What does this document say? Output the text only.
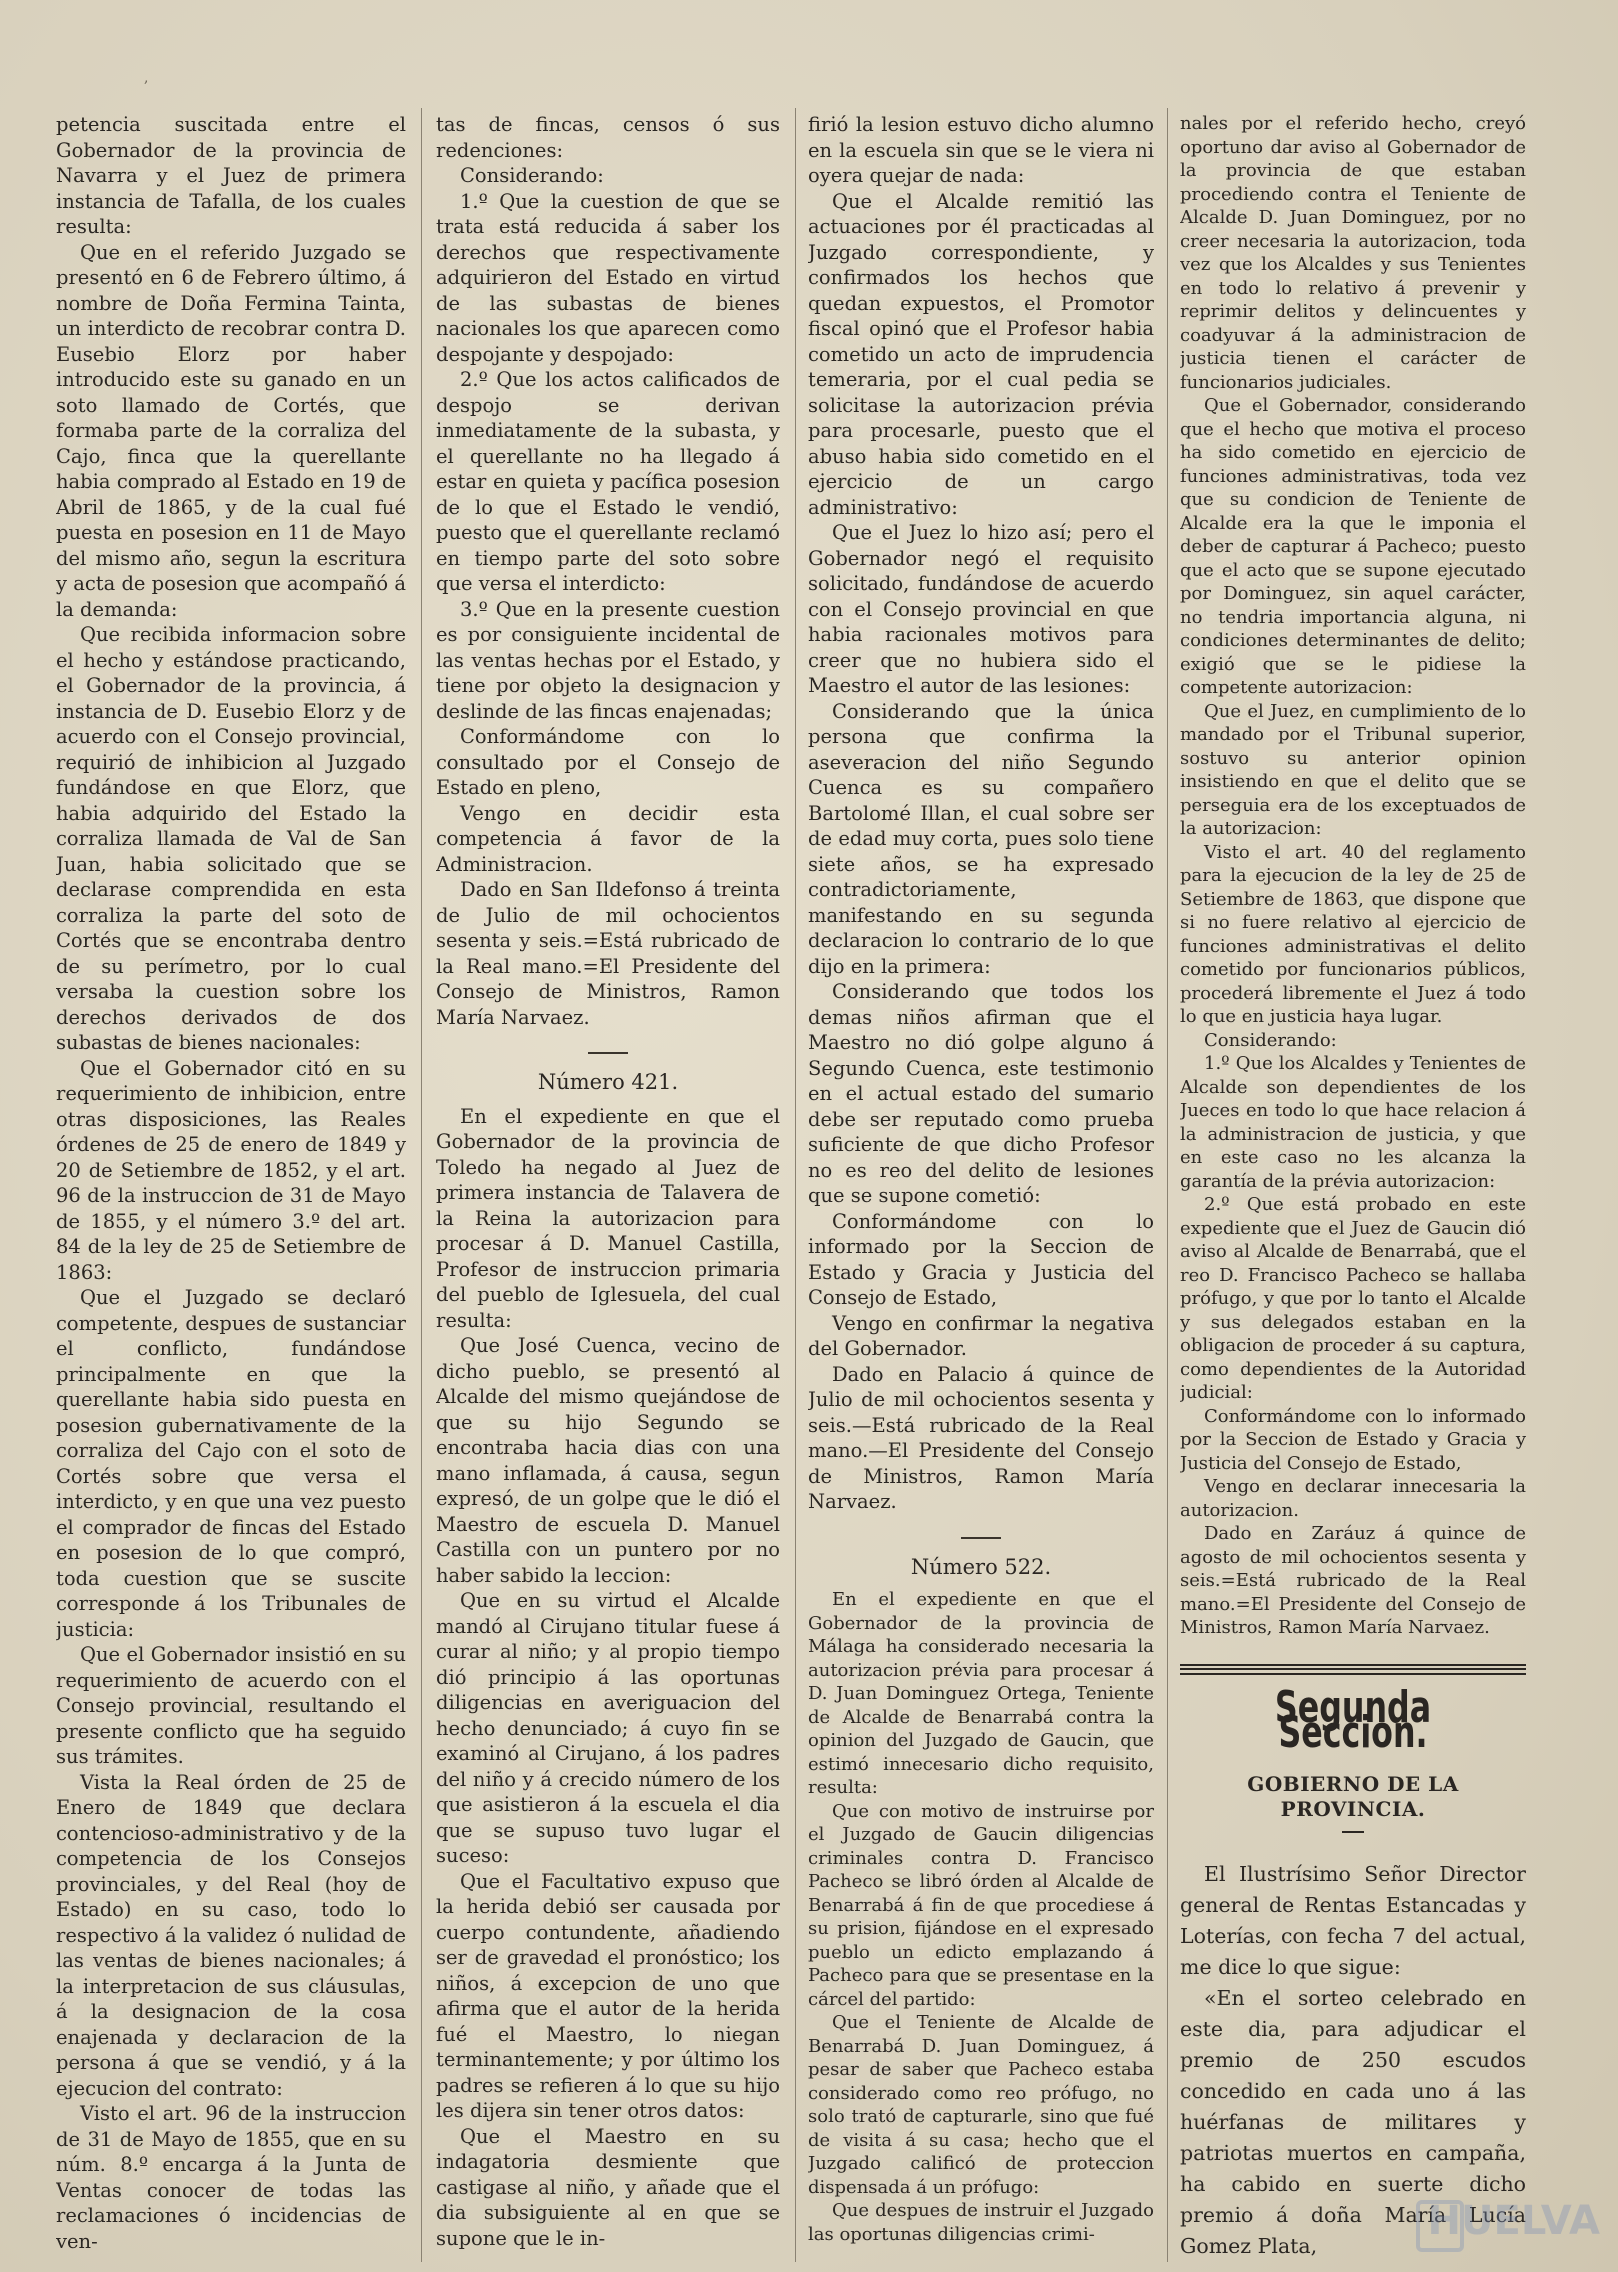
,

petencia suscitada entre el Gobernador de la provincia de Navarra y el Juez de primera instancia de Tafalla, de los cuales resulta:

Que en el referido Juzgado se presentó en 6 de Febrero último, á nombre de Doña Fermina Tainta, un interdicto de recobrar contra D. Eusebio Elorz por haber introducido este su ganado en un soto llamado de Cortés, que formaba parte de la corraliza del Cajo, finca que la querellante habia comprado al Estado en 19 de Abril de 1865, y de la cual fué puesta en posesion en 11 de Mayo del mismo año, segun la escritura y acta de posesion que acompañó á la demanda:

Que recibida informacion sobre el hecho y estándose practicando, el Gobernador de la provincia, á instancia de D. Eusebio Elorz y de acuerdo con el Consejo provincial, requirió de inhibicion al Juzgado fundándose en que Elorz, que habia adquirido del Estado la corraliza llamada de Val de San Juan, habia solicitado que se declarase comprendida en esta corraliza la parte del soto de Cortés que se encontraba dentro de su perímetro, por lo cual versaba la cuestion sobre los derechos derivados de dos subastas de bienes nacionales:

Que el Gobernador citó en su requerimiento de inhibicion, entre otras disposiciones, las Reales órdenes de 25 de enero de 1849 y 20 de Setiembre de 1852, y el art. 96 de la instruccion de 31 de Mayo de 1855, y el número 3.º del art. 84 de la ley de 25 de Setiembre de 1863:

Que el Juzgado se declaró competente, despues de sustanciar el conflicto, fundándose principalmente en que la querellante habia sido puesta en posesion gubernativamente de la corraliza del Cajo con el soto de Cortés sobre que versa el interdicto, y en que una vez puesto el comprador de fincas del Estado en posesion de lo que compró, toda cuestion que se suscite corresponde á los Tribunales de justicia:

Que el Gobernador insistió en su requerimiento de acuerdo con el Consejo provincial, resultando el presente conflicto que ha seguido sus trámites.

Vista la Real órden de 25 de Enero de 1849 que declara contencioso-administrativo y de la competencia de los Consejos provinciales, y del Real (hoy de Estado) en su caso, todo lo respectivo á la validez ó nulidad de las ventas de bienes nacionales; á la interpretacion de sus cláusulas, á la designacion de la cosa enajenada y declaracion de la persona á que se vendió, y á la ejecucion del contrato:

Visto el art. 96 de la instruccion de 31 de Mayo de 1855, que en su núm. 8.º encarga á la Junta de Ventas conocer de todas las reclamaciones ó incidencias de ven-

tas de fincas, censos ó sus redenciones:

Considerando:

1.º Que la cuestion de que se trata está reducida á saber los derechos que respectivamente adquirieron del Estado en virtud de las subastas de bienes nacionales los que aparecen como despojante y despojado:

2.º Que los actos calificados de despojo se derivan inmediatamente de la subasta, y el querellante no ha llegado á estar en quieta y pacífica posesion de lo que el Estado le vendió, puesto que el querellante reclamó en tiempo parte del soto sobre que versa el interdicto:

3.º Que en la presente cuestion es por consiguiente incidental de las ventas hechas por el Estado, y tiene por objeto la designacion y deslinde de las fincas enajenadas;

Conformándome con lo consultado por el Consejo de Estado en pleno,

Vengo en decidir esta competencia á favor de la Administracion.

Dado en San Ildefonso á treinta de Julio de mil ochocientos sesenta y seis.=Está rubricado de la Real mano.=El Presidente del Consejo de Ministros, Ramon María Narvaez.

Número 421.

En el expediente en que el Gobernador de la provincia de Toledo ha negado al Juez de primera instancia de Talavera de la Reina la autorizacion para procesar á D. Manuel Castilla, Profesor de instruccion primaria del pueblo de Iglesuela, del cual resulta:

Que José Cuenca, vecino de dicho pueblo, se presentó al Alcalde del mismo quejándose de que su hijo Segundo se encontraba hacia dias con una mano inflamada, á causa, segun expresó, de un golpe que le dió el Maestro de escuela D. Manuel Castilla con un puntero por no haber sabido la leccion:

Que en su virtud el Alcalde mandó al Cirujano titular fuese á curar al niño; y al propio tiempo dió principio á las oportunas diligencias en averiguacion del hecho denunciado; á cuyo fin se examinó al Cirujano, á los padres del niño y á crecido número de los que asistieron á la escuela el dia que se supuso tuvo lugar el suceso:

Que el Facultativo expuso que la herida debió ser causada por cuerpo contundente, añadiendo ser de gravedad el pronóstico; los niños, á excepcion de uno que afirma que el autor de la herida fué el Maestro, lo niegan terminantemente; y por último los padres se refieren á lo que su hijo les dijera sin tener otros datos:

Que el Maestro en su indagatoria desmiente que castigase al niño, y añade que el dia subsiguiente al en que se supone que le in-

firió la lesion estuvo dicho alumno en la escuela sin que se le viera ni oyera quejar de nada:

Que el Alcalde remitió las actuaciones por él practicadas al Juzgado correspondiente, y confirmados los hechos que quedan expuestos, el Promotor fiscal opinó que el Profesor habia cometido un acto de imprudencia temeraria, por el cual pedia se solicitase la autorizacion prévia para procesarle, puesto que el abuso habia sido cometido en el ejercicio de un cargo administrativo:

Que el Juez lo hizo así; pero el Gobernador negó el requisito solicitado, fundándose de acuerdo con el Consejo provincial en que habia racionales motivos para creer que no hubiera sido el Maestro el autor de las lesiones:

Considerando que la única persona que confirma la aseveracion del niño Segundo Cuenca es su compañero Bartolomé Illan, el cual sobre ser de edad muy corta, pues solo tiene siete años, se ha expresado contradictoriamente, manifestando en su segunda declaracion lo contrario de lo que dijo en la primera:

Considerando que todos los demas niños afirman que el Maestro no dió golpe alguno á Segundo Cuenca, este testimonio en el actual estado del sumario debe ser reputado como prueba suficiente de que dicho Profesor no es reo del delito de lesiones que se supone cometió:

Conformándome con lo informado por la Seccion de Estado y Gracia y Justicia del Consejo de Estado,

Vengo en confirmar la negativa del Gobernador.

Dado en Palacio á quince de Julio de mil ochocientos sesenta y seis.—Está rubricado de la Real mano.—El Presidente del Consejo de Ministros, Ramon María Narvaez.

Número 522.

En el expediente en que el Gobernador de la provincia de Málaga ha considerado necesaria la autorizacion prévia para procesar á D. Juan Dominguez Ortega, Teniente de Alcalde de Benarrabá contra la opinion del Juzgado de Gaucin, que estimó innecesario dicho requisito, resulta:

Que con motivo de instruirse por el Juzgado de Gaucin diligencias criminales contra D. Francisco Pacheco se libró órden al Alcalde de Benarrabá á fin de que procediese á su prision, fijándose en el expresado pueblo un edicto emplazando á Pacheco para que se presentase en la cárcel del partido:

Que el Teniente de Alcalde de Benarrabá D. Juan Dominguez, á pesar de saber que Pacheco estaba considerado como reo prófugo, no solo trató de capturarle, sino que fué de visita á su casa; hecho que el Juzgado calificó de proteccion dispensada á un prófugo:

Que despues de instruir el Juzgado las oportunas diligencias crimi-

nales por el referido hecho, creyó oportuno dar aviso al Gobernador de la provincia de que estaban procediendo contra el Teniente de Alcalde D. Juan Dominguez, por no creer necesaria la autorizacion, toda vez que los Alcaldes y sus Tenientes en todo lo relativo á prevenir y reprimir delitos y delincuentes y coadyuvar á la administracion de justicia tienen el carácter de funcionarios judiciales.

Que el Gobernador, considerando que el hecho que motiva el proceso ha sido cometido en ejercicio de funciones administrativas, toda vez que su condicion de Teniente de Alcalde era la que le imponia el deber de capturar á Pacheco; puesto que el acto que se supone ejecutado por Dominguez, sin aquel carácter, no tendria importancia alguna, ni condiciones determinantes de delito; exigió que se le pidiese la competente autorizacion:

Que el Juez, en cumplimiento de lo mandado por el Tribunal superior, sostuvo su anterior opinion insistiendo en que el delito que se perseguia era de los exceptuados de la autorizacion:

Visto el art. 40 del reglamento para la ejecucion de la ley de 25 de Setiembre de 1863, que dispone que si no fuere relativo al ejercicio de funciones administrativas el delito cometido por funcionarios públicos, procederá libremente el Juez á todo lo que en justicia haya lugar.

Considerando:

1.º Que los Alcaldes y Tenientes de Alcalde son dependientes de los Jueces en todo lo que hace relacion á la administracion de justicia, y que en este caso no les alcanza la garantía de la prévia autorizacion:

2.º Que está probado en este expediente que el Juez de Gaucin dió aviso al Alcalde de Benarrabá, que el reo D. Francisco Pacheco se hallaba prófugo, y que por lo tanto el Alcalde y sus delegados estaban en la obligacion de proceder á su captura, como dependientes de la Autoridad judicial:

Conformándome con lo informado por la Seccion de Estado y Gracia y Justicia del Consejo de Estado,

Vengo en declarar innecesaria la autorizacion.

Dado en Zaráuz á quince de agosto de mil ochocientos sesenta y seis.=Está rubricado de la Real mano.=El Presidente del Consejo de Ministros, Ramon María Narvaez.

Segunda Seccion.
GOBIERNO DE LA PROVINCIA.

El Ilustrísimo Señor Director general de Rentas Estancadas y Loterías, con fecha 7 del actual, me dice lo que sigue:

«En el sorteo celebrado en este dia, para adjudicar el premio de 250 escudos concedido en cada uno á las huérfanas de militares y patriotas muertos en campaña, ha cabido en suerte dicho premio á doña María Lucía Gomez Plata,

HUELVA
